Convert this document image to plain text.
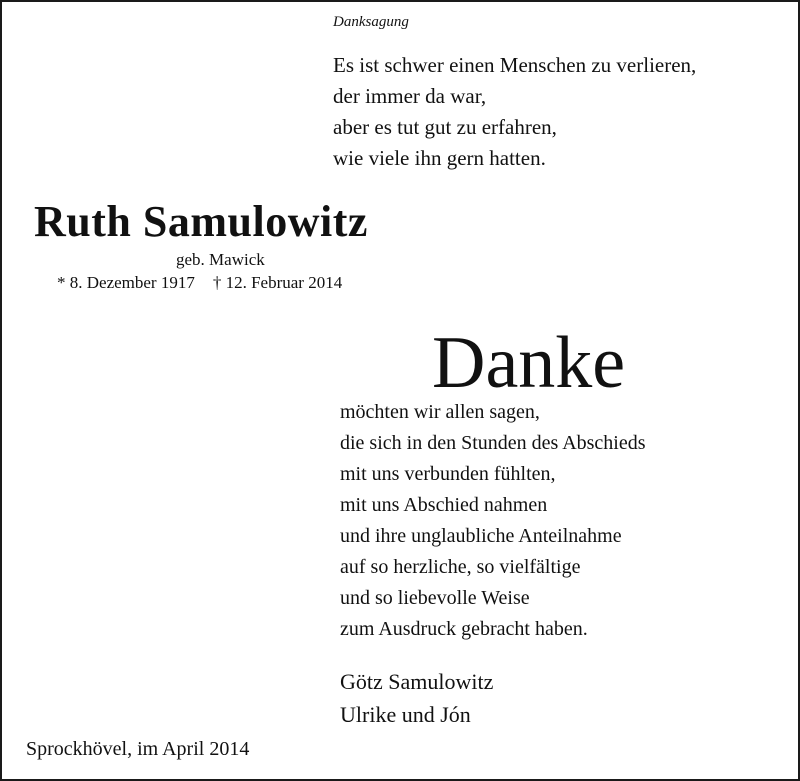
Danksagung
Es ist schwer einen Menschen zu verlieren,
der immer da war,
aber es tut gut zu erfahren,
wie viele ihn gern hatten.
Ruth Samulowitz
geb. Mawick
* 8. Dezember 1917 † 12. Februar 2014
Danke
möchten wir allen sagen,
die sich in den Stunden des Abschieds
mit uns verbunden fühlten,
mit uns Abschied nahmen
und ihre unglaubliche Anteilnahme
auf so herzliche, so vielfältige
und so liebevolle Weise
zum Ausdruck gebracht haben.
Götz Samulowitz
Ulrike und Jón
Sprockhövel, im April 2014
